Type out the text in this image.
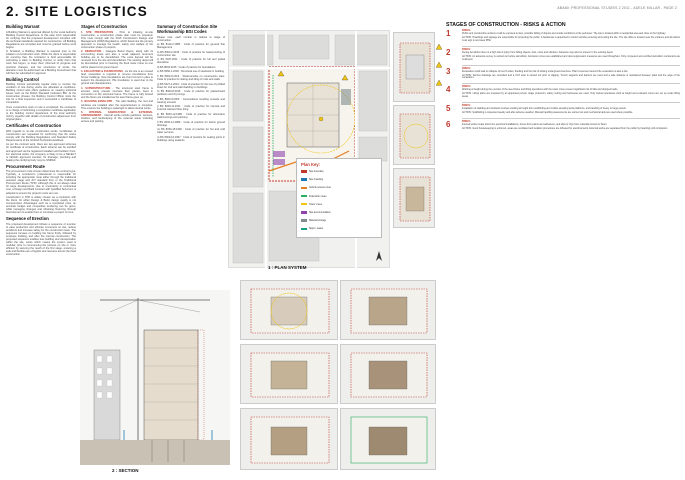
2. SITE LOGISTICS	ABA60: PROFESSIONAL STUDIES 2 2011 - ADELE MILLAR - PAGE 2
Building Warrant

A Building Warrant is approval offered by the Local Authority Building Control Department. In this case GCC responsible for verifying that the proposed development complies with the technical standards required for construction. All Building Regulations are complied and must be granted before work begins.

In Scotland, a Building Warrant is required prior to the initiation of construction work. While the client is responsible for ensuring that, the contractor is held accountable for submitting a claim to Building Control, to notify them that work has begun, to keep them informed of progress and practical changes, and the conclusion of works, the alteration must be authorised via a Building Amendment that will then be submitted for approval.

Building Control

Building Control periodically regular visits to monitor the condition of site during works are allocated at conditions. Building control also offers guidance on meeting technical issues such as the British Standard Institution BSI. At the construction phases, the Building Control Officer visits the site for a final inspection and if successful a Certificate of Completion.

Once construction work on site is completed, the contractor is in charge of submitting a completion certificate application to the building control department of the local authority (GCC), together with details of construction adjustment from original plans.

Certificates of Construction

With regards to on-site construction works, Certificates of Construction are requested for confirming that the works comply with the Building Regulations and Standard Safety Requirements of the Scottish Technical Handbook.

As per the contract work, there are two approved schemes for certificate of construction. Each scheme can be certified and approved via the registered installers and builders' firms. For electrical works, the company is likely to be a SELECT or NICEIC approved member; for drainage, plumbing and heating the certifying body may be SNIPEF.

Procurement Route

The procurement route chosen determines the contract type. Typically, a contractor's professional is responsible for including the appropriate route either through the traditional selection stage and JCT standard form or the Traditional Procurement Route (TPR). Although this is not always ideal for large developments, due to uncertainty in contractual cost, a Design and Build Contract with Qualified Sub-Cons is adopted to ensure the project's costs are met.

Construction in TPR is widely chosen as a contractor with the client, for either Design & Build, design quality is not compromised. Advantages such as a completed price, an accurate budget and competitive tendering can be given, while managing changes and obtaining financing through fixed element to enable them to complete a project on time.

Sequence of Erection

The proposed development follows a sequence of erection to ease production and ultimate movement on site, reduce accidents and increase safety for the construction team. The sequence focuses on building the frame firstly, followed by envelope building, and after the internal construction. The proposed sequence enables less building and transportation within the site, works which means the system used is modular, prior to commencing the process on site or more efficient by securing the reach of the first stage, ensuring a safe and flexible use of logistic and resource across the fixed construction.

Stages of Construction

1. SITE PREPARATION - Prior to initiating on-site construction, a construction phase plan must be prepared. This must comply with the 2015 Construction Design and Management (CDM) Regulations, which determine the primary approach to manage the health, safety and welfare of the construction phase of projects.

2. DEMOLITION - Glasgow Barrel Depot, along with its surrounding areas and also a small adjacent tenement building are to be demolished. The extra deposit will be removed from the site and demolished. The existing depot will be demolished prior to inserting the fixed tower crane so one will be placed at its ground level.

3. EXCAVATION & FOUNDATIONS - As the site is an unused land, excavation is required to remove foundations from former buildings. New foundations are then formed in piles to support the development. Pile foundation is used due to the ground soil characteristics.

4. SUPERSTRUCTURE - The structural steel frame is erected, using precast concrete floor planks, fixed in connection to the structural frame. The frame is fully braced and the floors are installed as the steel frame goes up.

5. BUILDING ENVELOPE - The wall cladding, the roof and windows are installed after the superstructure is complete. This ensures the building is watertight to allow internal works.

6. INTERNAL FABRICATION & EXTERNAL ARRANGEMENT - Internal works include partitions, services, finishes, and landscaping of the external areas including access and parking.

Summary of Construction Site Workmanship BSI Codes

Please note: each number is relative to stage of construction.

a) BS 8110-2:1985 : Code of practice for general Site Management

b) BS 8000-2:2015 : Code of practice for waterproofing of construction site

c) BS 6187:2011 : Code of practice for full and partial demolition

d) BS 8004:2015 : Code of practice for foundations

e) BS 5950-1:2000 : Structural use of steelwork in building

f) BS 8000-6:2013 : Workmanship on construction sites. Code of practice for slating and tiling of roofs and walls

g) BS 5427-1:2016 : Code of practice for the use of profiled sheet for roof and wall cladding on buildings

h) BS 8000-8:2016 : Code of practice for plasterboard partitions and dry linings

i) BS 8000-9:2003 : Cementitious levelling screeds and wearing screeds

j) BS 8000-11:2011 : Code of practice for internal and external wall and floor tiling

k) BS 8000-12:1989 : Code of practice for decorative wallcoverings and painting

l) BS 8000-14:1989 : Code of practice for below ground drainage

m) BS 8000-15:1990 : Code of practice for hot and cold water services

n) BS 8000-16:1997 : Code of practice for sealing joints in buildings using sealants

Plan Key:
Site boundary
Site hoarding
Vehicle access route
Pedestrian route
Tower crane
Site accommodation
Material storage
Skips / waste
1 : PLAN SYSTEM
2 : SECTION

STAGES OF CONSTRUCTION - RISKS & ACTION
1	RISKS:

Public and construction workers could be exposed to dust, possible falling of objects and unsafe conditions at the perimeter. The site is located within a residential area and close to the highway.

ACTION: Hoardings and signage are responsible for protecting the public. A banksman is appointed to control vehicles entering and exiting the site. The site office is located near the entrance and all visitors must sign in and wear PPE.

2	RISKS:

During demolition there is a high risk of injury from falling objects, dust, noise and vibration. Asbestos may also be present in the existing depot.

ACTION: An asbestos survey is carried out before demolition. Exclusion zones are established and dust suppression measures are used throughout. Only competent and certified demolition contractors are employed.

3	RISKS:

Excavation could lead to collapse of trench sides, flooding and the risk of striking underground services. Plant movement around the excavation is also a risk.

ACTION: Service drawings are consulted and a CAT scan is carried out prior to digging. Trench supports and barriers are used and a safe distance is maintained between plant and the edge of the excavation.

4	RISKS:

Working at height during the erection of the steel frame and lifting operations with the tower crane present significant risk of falls and dropped loads.

ACTION: Lifting plans are prepared by an appointed person. Edge protection, safety netting and harnesses are used. Only trained operatives work at height and exclusion zones are set up under lifting areas.

5	RISKS:

Installation of cladding and windows involves working at height from scaffolding and mobile elevating work platforms, and handling of heavy or large panels.

ACTION: Scaffolding is inspected weekly and after adverse weather. Manual handling assessments are carried out and mechanical aids are used where possible.

6	RISKS:

Internal works create risks from electrical installations, fumes from paints and adhesives, and slips or trips from materials stored on floors.

ACTION: Good housekeeping is enforced, areas are ventilated and isolation procedures are followed for electrical work. External works are separated from the public by hoarding until completion.
